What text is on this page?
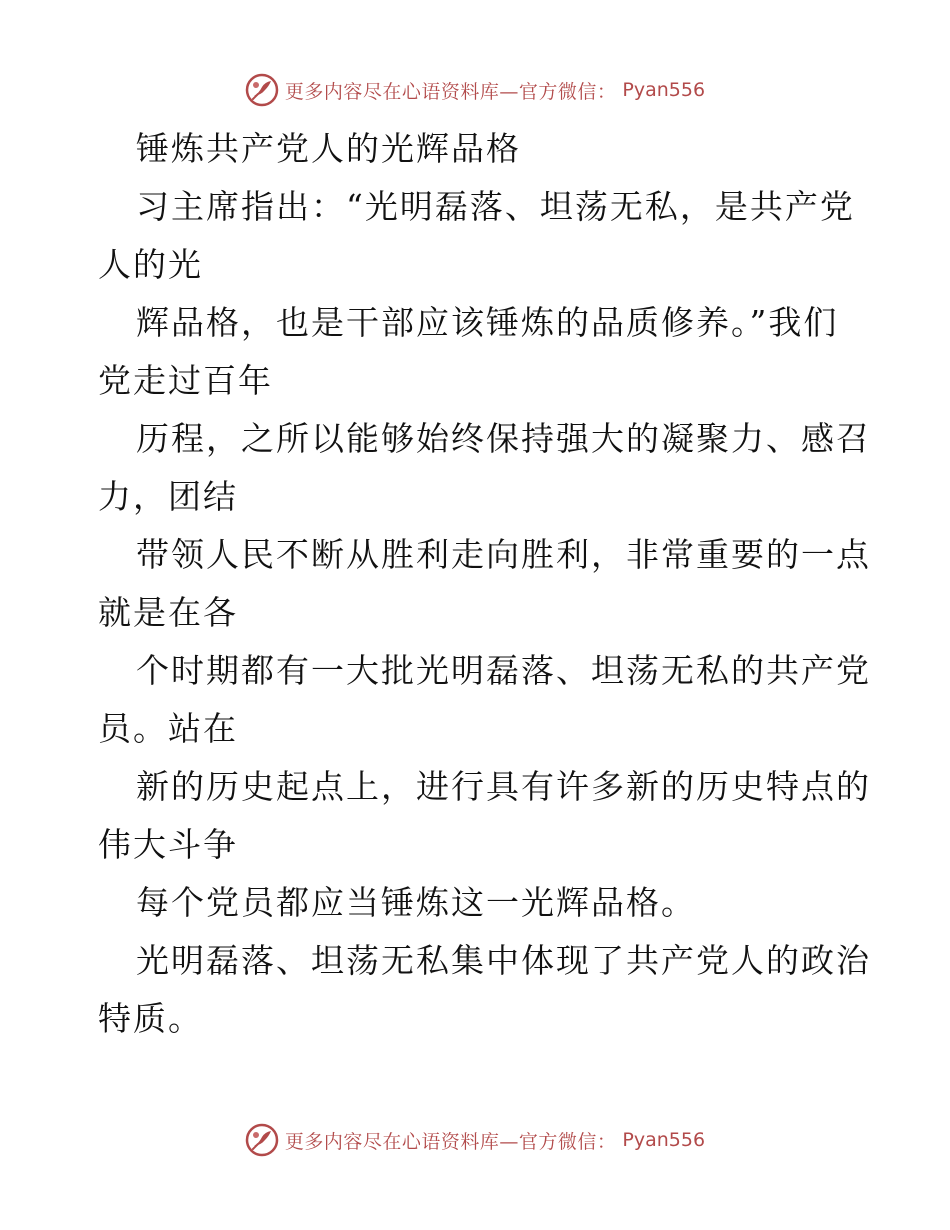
更多内容尽在心语资料库—官方微信： Pyan556
锤炼共产党人的光辉品格
习主席指出：“光明磊落、坦荡无私，是共产党
人的光
辉品格，也是干部应该锤炼的品质修养。”我们
党走过百年
历程，之所以能够始终保持强大的凝聚力、感召
力，团结
带领人民不断从胜利走向胜利，非常重要的一点
就是在各
个时期都有一大批光明磊落、坦荡无私的共产党
员。站在
新的历史起点上，进行具有许多新的历史特点的
伟大斗争
每个党员都应当锤炼这一光辉品格。
光明磊落、坦荡无私集中体现了共产党人的政治
特质。
更多内容尽在心语资料库—官方微信： Pyan556
